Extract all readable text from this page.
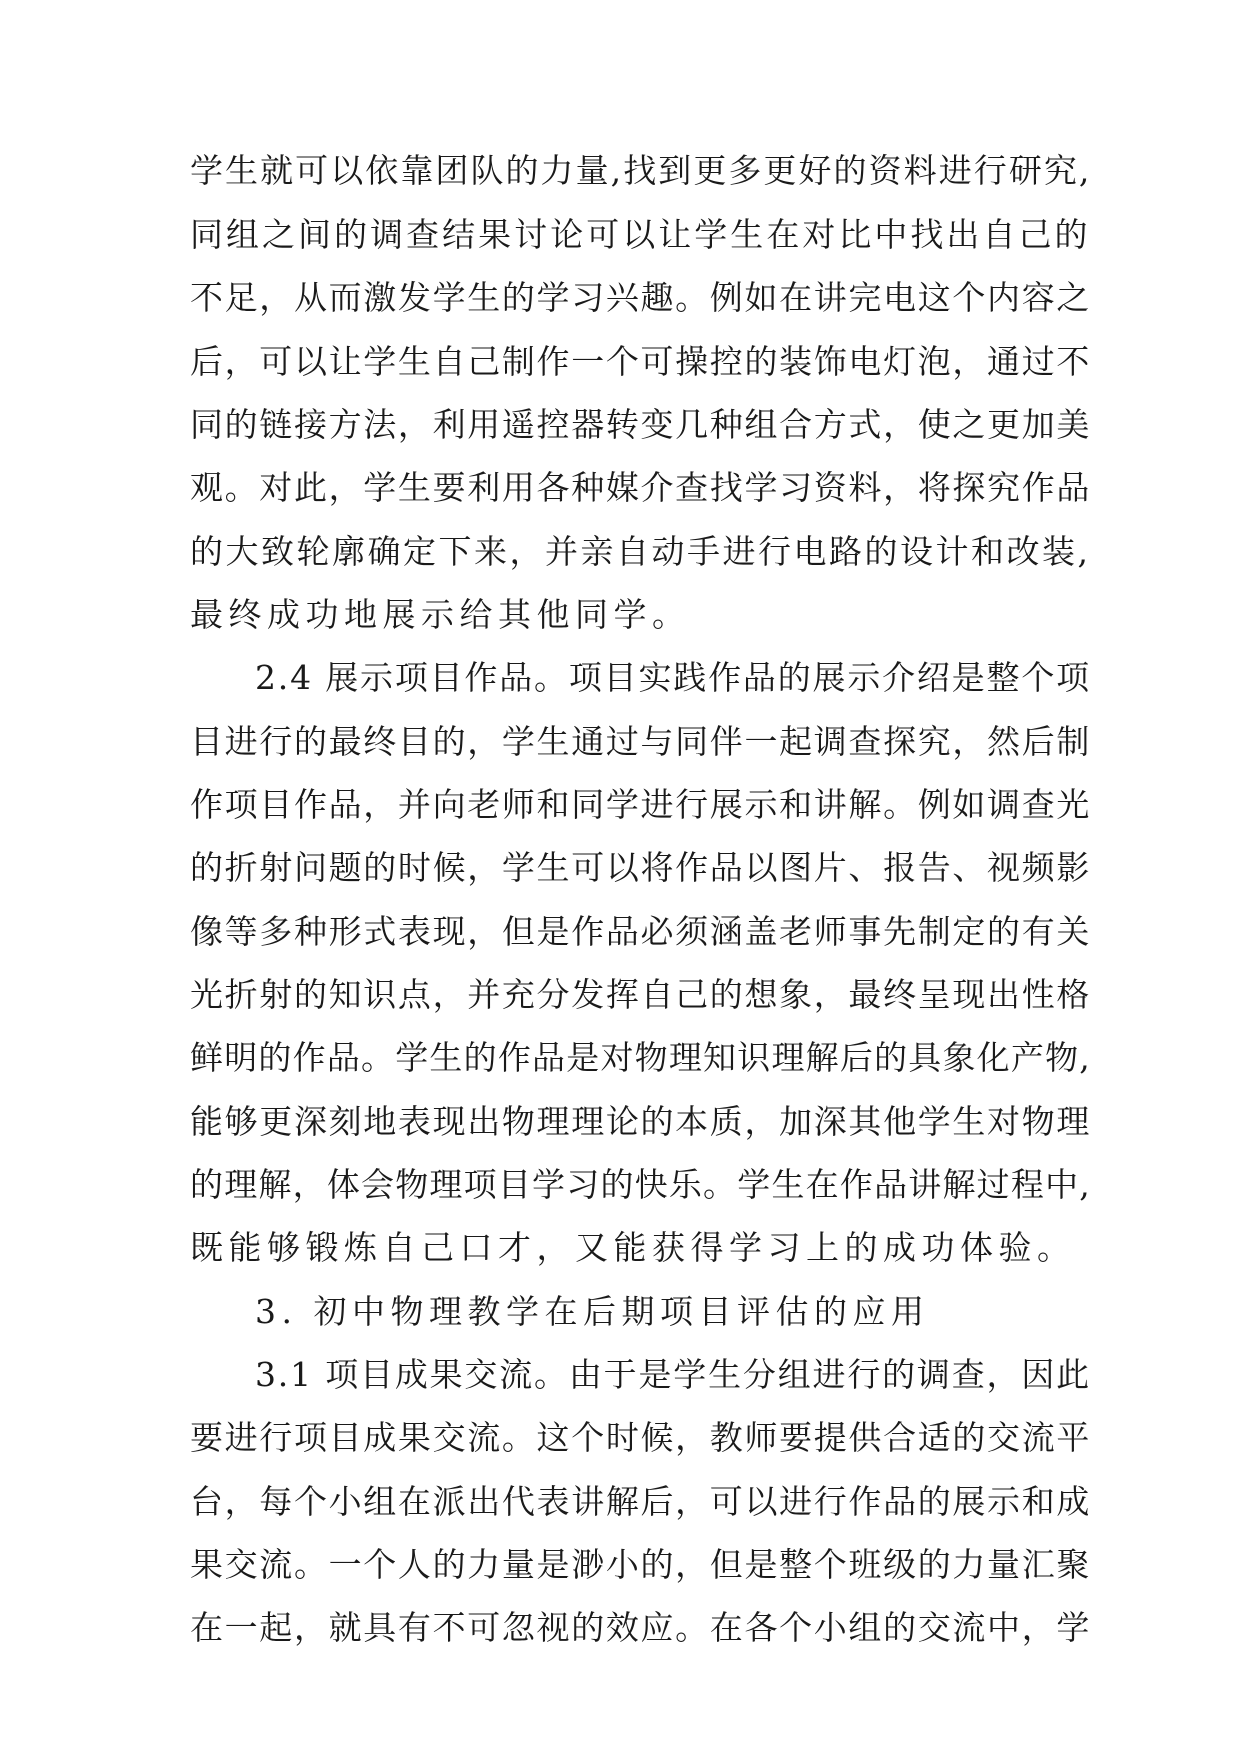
学生就可以依靠团队的力量,找到更多更好的资料进行研究,
同组之间的调查结果讨论可以让学生在对比中找出自己的
不足，从而激发学生的学习兴趣。例如在讲完电这个内容之
后，可以让学生自己制作一个可操控的装饰电灯泡，通过不
同的链接方法，利用遥控器转变几种组合方式，使之更加美
观。对此，学生要利用各种媒介查找学习资料，将探究作品
的大致轮廓确定下来，并亲自动手进行电路的设计和改装,
最终成功地展示给其他同学。
2.4 展示项目作品。项目实践作品的展示介绍是整个项
目进行的最终目的，学生通过与同伴一起调查探究，然后制
作项目作品，并向老师和同学进行展示和讲解。例如调查光
的折射问题的时候，学生可以将作品以图片、报告、视频影
像等多种形式表现，但是作品必须涵盖老师事先制定的有关
光折射的知识点，并充分发挥自己的想象，最终呈现出性格
鲜明的作品。学生的作品是对物理知识理解后的具象化产物,
能够更深刻地表现出物理理论的本质，加深其他学生对物理
的理解，体会物理项目学习的快乐。学生在作品讲解过程中,
既能够锻炼自己口才，又能获得学习上的成功体验。
3. 初中物理教学在后期项目评估的应用
3.1 项目成果交流。由于是学生分组进行的调查，因此
要进行项目成果交流。这个时候，教师要提供合适的交流平
台，每个小组在派出代表讲解后，可以进行作品的展示和成
果交流。一个人的力量是渺小的，但是整个班级的力量汇聚
在一起，就具有不可忽视的效应。在各个小组的交流中，学
